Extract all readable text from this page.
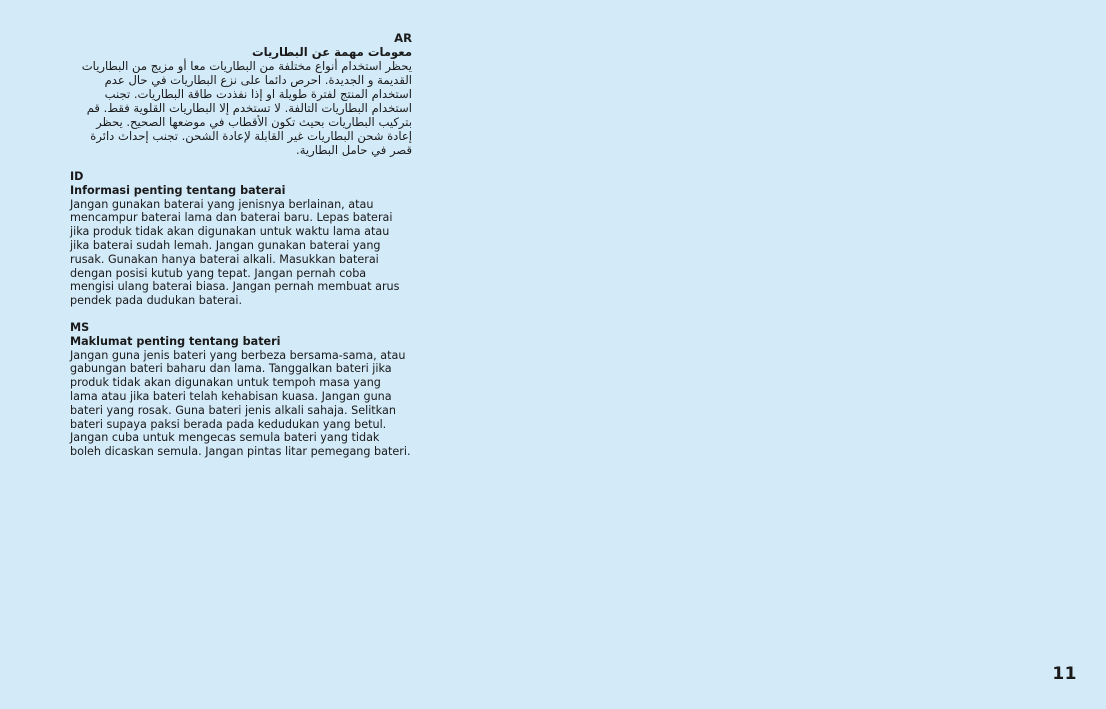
AR
معومات مهمة عن البطاريات
يحظر استخدام أنواع مختلفة من البطاريات معا أو مزيج من البطاريات القديمة و الجديدة. احرص دائما على نزع البطاريات في حال عدم استخدام المنتج لفترة طويلة او إذا نفذدت طاقة البطاريات. تجنب استخدام البطاريات التالفة. لا تستخدم إلا البطاريات القلوية فقط. قم بتركيب البطاريات بحيث تكون الأقطاب في موضعها الصحيح. يحظر إعادة شحن البطاريات غير القابلة لإعادة الشحن. تجنب إحداث دائرة قصر في حامل البطارية.
ID
Informasi penting tentang baterai
Jangan gunakan baterai yang jenisnya berlainan, atau mencampur baterai lama dan baterai baru. Lepas baterai jika produk tidak akan digunakan untuk waktu lama atau jika baterai sudah lemah. Jangan gunakan baterai yang rusak. Gunakan hanya baterai alkali. Masukkan baterai dengan posisi kutub yang tepat. Jangan pernah coba mengisi ulang baterai biasa. Jangan pernah membuat arus pendek pada dudukan baterai.
MS
Maklumat penting tentang bateri
Jangan guna jenis bateri yang berbeza bersama-sama, atau gabungan bateri baharu dan lama. Tanggalkan bateri jika produk tidak akan digunakan untuk tempoh masa yang lama atau jika bateri telah kehabisan kuasa. Jangan guna bateri yang rosak. Guna bateri jenis alkali sahaja. Selitkan bateri supaya paksi berada pada kedudukan yang betul. Jangan cuba untuk mengecas semula bateri yang tidak boleh dicaskan semula. Jangan pintas litar pemegang bateri.
11
